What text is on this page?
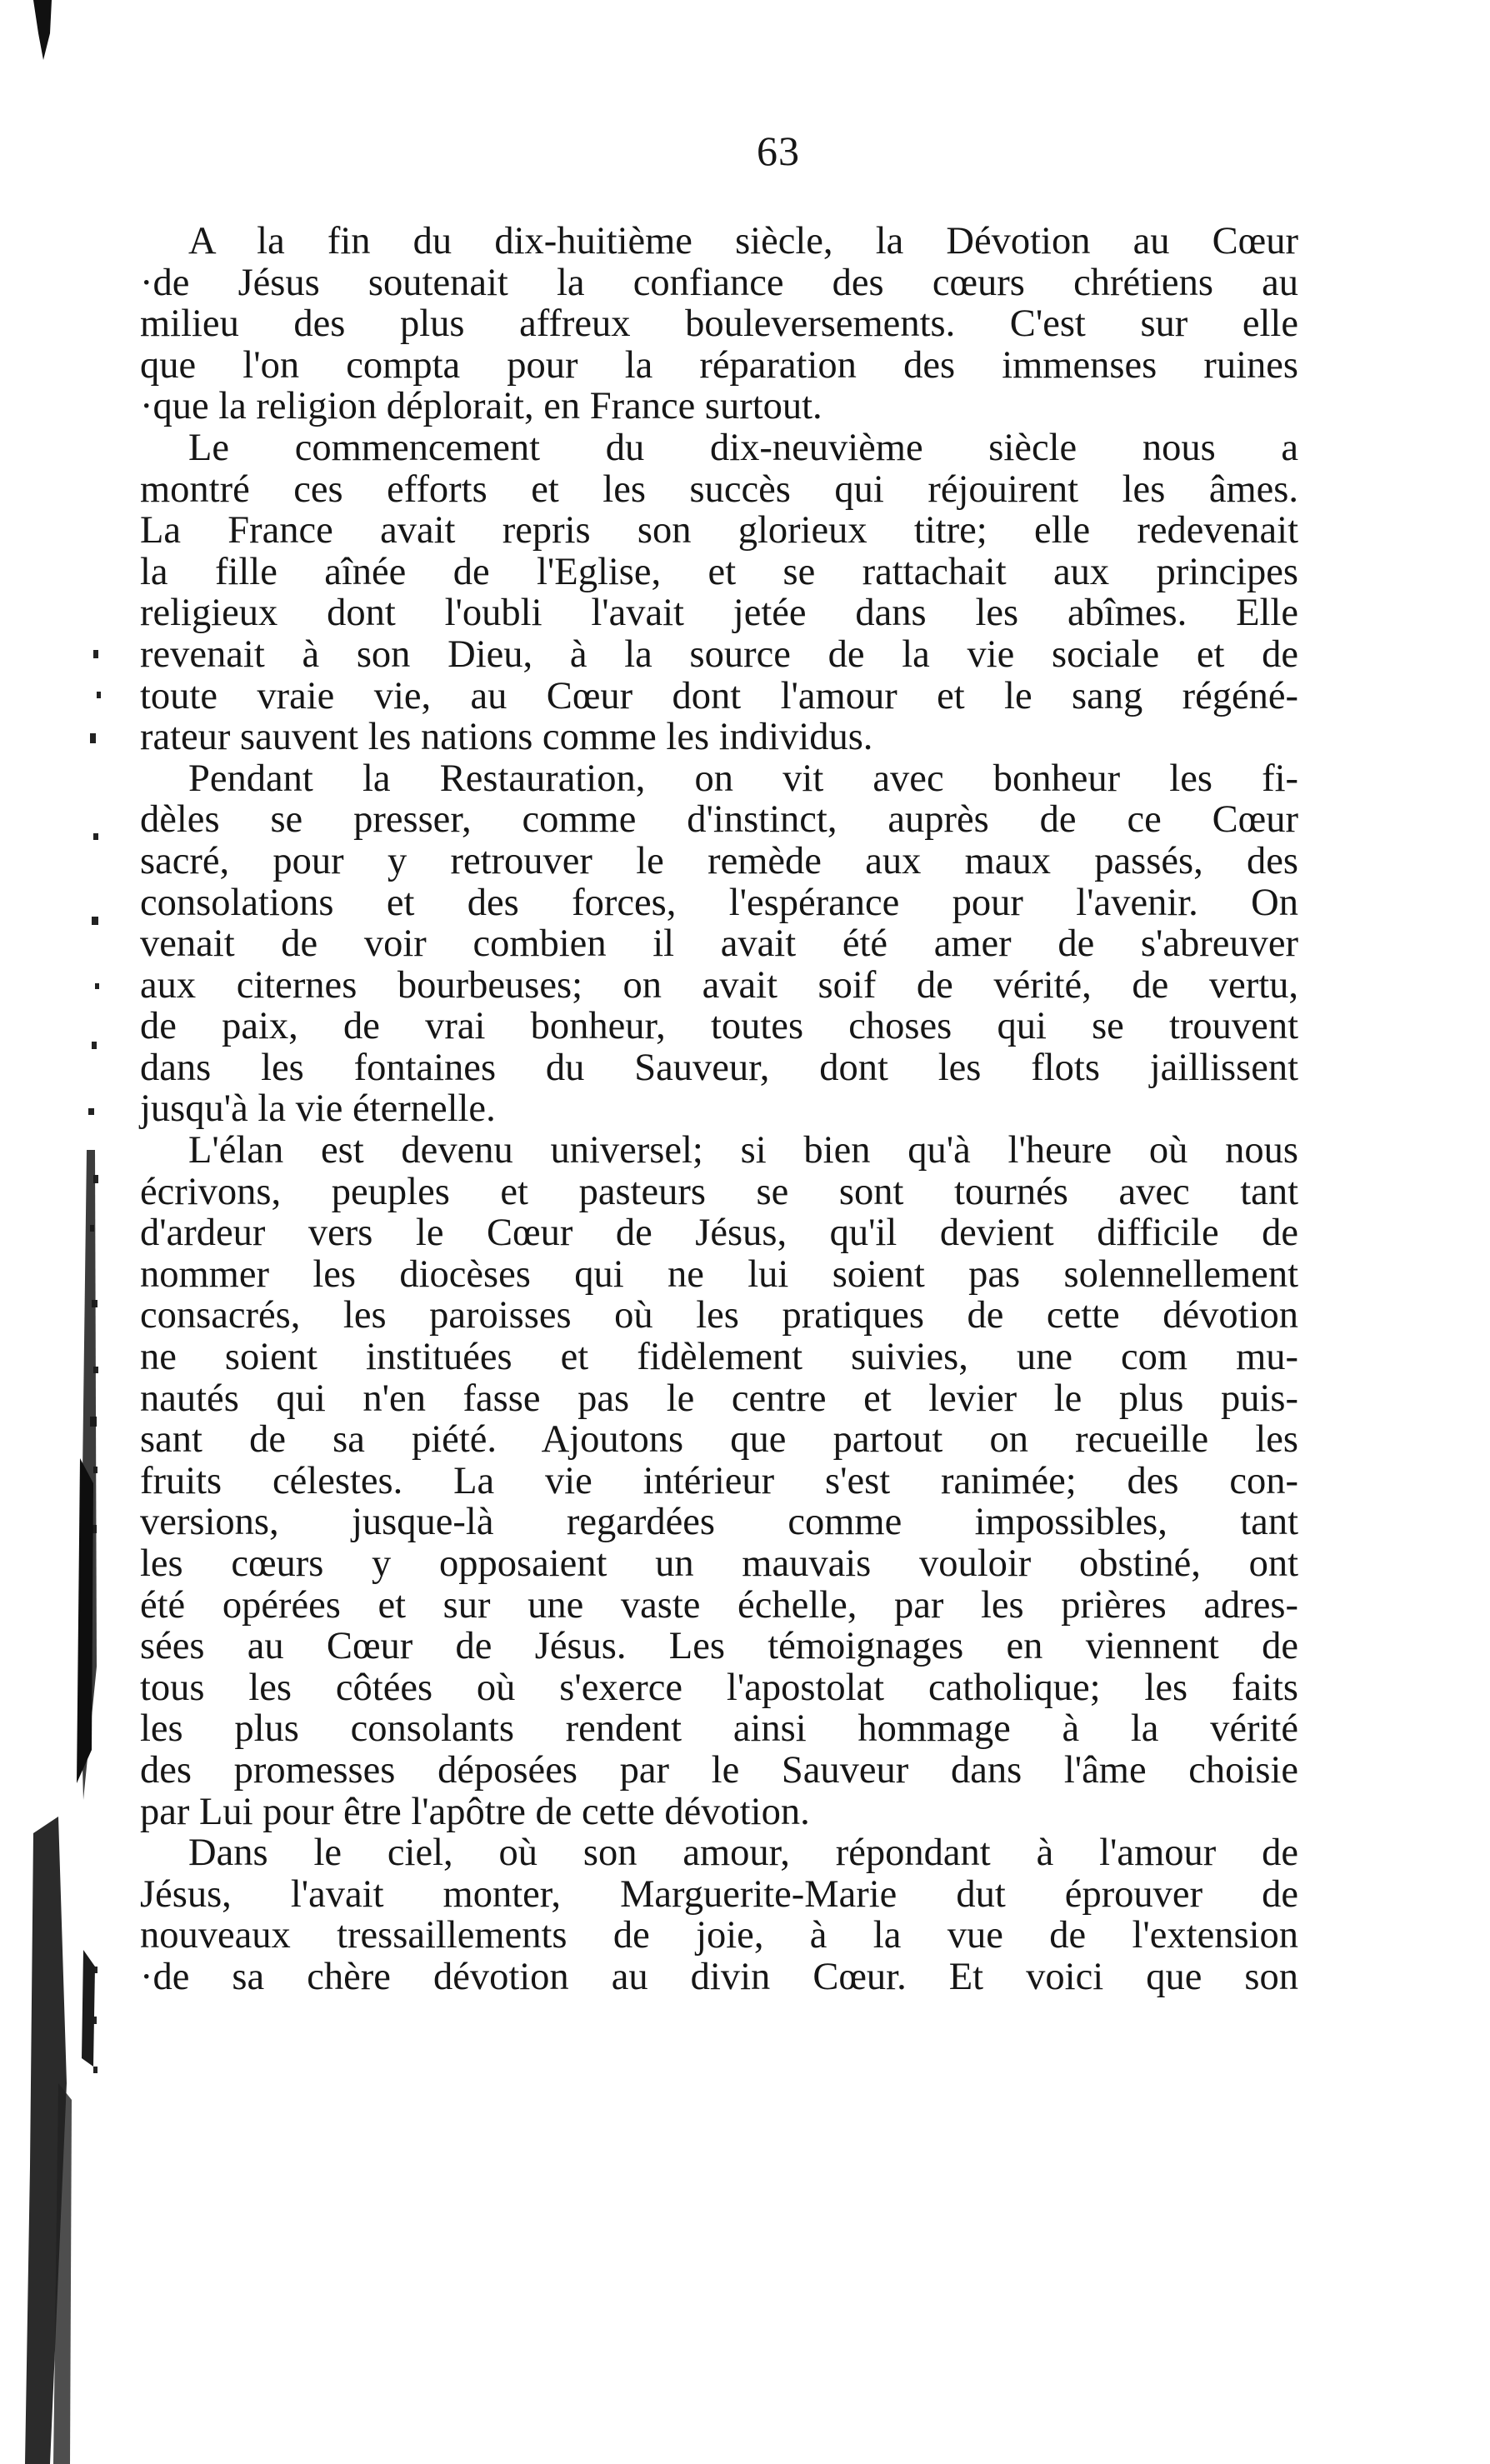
63
A la fin du dix-huitième siècle, la Dévotion au Cœur
·de Jésus soutenait la confiance des cœurs chrétiens au
milieu des plus affreux bouleversements. C'est sur elle
que l'on compta pour la réparation des immenses ruines
·que la religion déplorait, en France surtout.
Le commencement du dix-neuvième siècle nous a
montré ces efforts et les succès qui réjouirent les âmes.
La France avait repris son glorieux titre; elle redevenait
la fille aînée de l'Eglise, et se rattachait aux principes
religieux dont l'oubli l'avait jetée dans les abîmes. Elle
revenait à son Dieu, à la source de la vie sociale et de
toute vraie vie, au Cœur dont l'amour et le sang régéné-
rateur sauvent les nations comme les individus.
Pendant la Restauration, on vit avec bonheur les fi-
dèles se presser, comme d'instinct, auprès de ce Cœur
sacré, pour y retrouver le remède aux maux passés, des
consolations et des forces, l'espérance pour l'avenir. On
venait de voir combien il avait été amer de s'abreuver
aux citernes bourbeuses; on avait soif de vérité, de vertu,
de paix, de vrai bonheur, toutes choses qui se trouvent
dans les fontaines du Sauveur, dont les flots jaillissent
jusqu'à la vie éternelle.
L'élan est devenu universel; si bien qu'à l'heure où nous
écrivons, peuples et pasteurs se sont tournés avec tant
d'ardeur vers le Cœur de Jésus, qu'il devient difficile de
nommer les diocèses qui ne lui soient pas solennellement
consacrés, les paroisses où les pratiques de cette dévotion
ne soient instituées et fidèlement suivies, une com mu-
nautés qui n'en fasse pas le centre et levier le plus puis-
sant de sa piété. Ajoutons que partout on recueille les
fruits célestes. La vie intérieur s'est ranimée; des con-
versions, jusque-là regardées comme impossibles, tant
les cœurs y opposaient un mauvais vouloir obstiné, ont
été opérées et sur une vaste échelle, par les prières adres-
sées au Cœur de Jésus. Les témoignages en viennent de
tous les côtées où s'exerce l'apostolat catholique; les faits
les plus consolants rendent ainsi hommage à la vérité
des promesses déposées par le Sauveur dans l'âme choisie
par Lui pour être l'apôtre de cette dévotion.
Dans le ciel, où son amour, répondant à l'amour de
Jésus, l'avait monter, Marguerite-Marie dut éprouver de
nouveaux tressaillements de joie, à la vue de l'extension
·de sa chère dévotion au divin Cœur. Et voici que son
